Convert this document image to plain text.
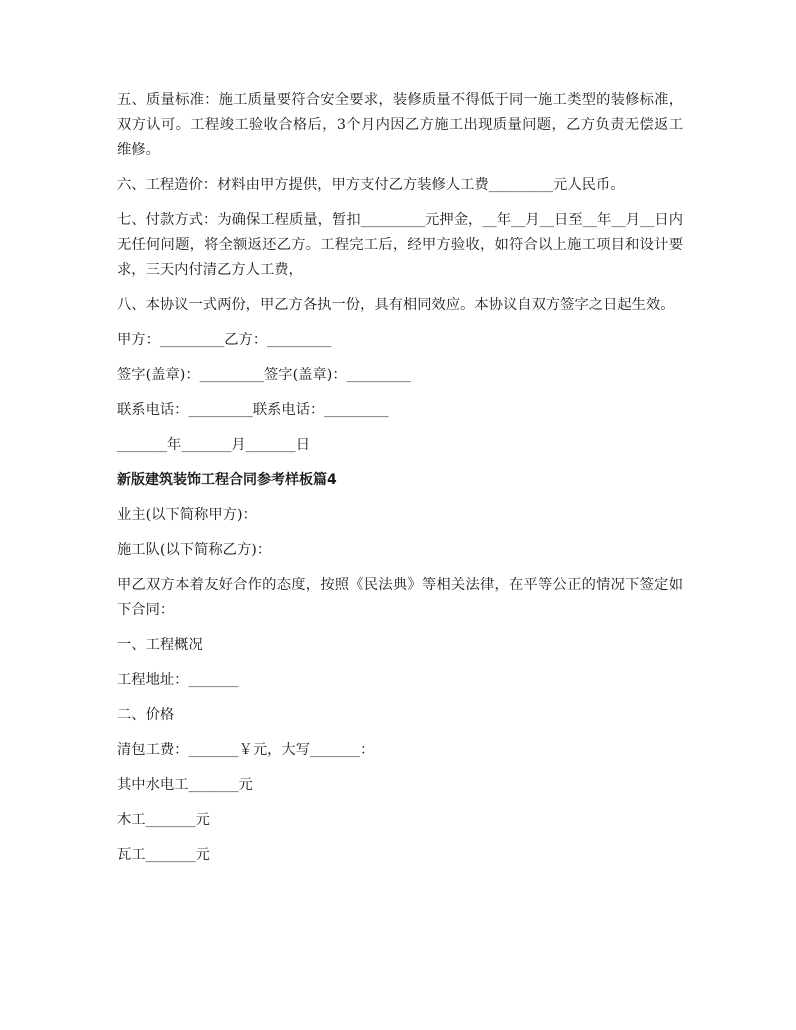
五、质量标准：施工质量要符合安全要求，装修质量不得低于同一施工类型的装修标准，双方认可。工程竣工验收合格后，3个月内因乙方施工出现质量问题，乙方负责无偿返工维修。

六、工程造价：材料由甲方提供，甲方支付乙方装修人工费_________元人民币。

七、付款方式：为确保工程质量，暂扣_________元押金，__年__月__日至__年__月__日内无任何问题，将全额返还乙方。工程完工后，经甲方验收，如符合以上施工项目和设计要求，三天内付清乙方人工费，

八、本协议一式两份，甲乙方各执一份，具有相同效应。本协议自双方签字之日起生效。

甲方：_________乙方：_________

签字(盖章)：_________签字(盖章)：_________

联系电话：_________联系电话：_________

_______年_______月_______日

新版建筑装饰工程合同参考样板篇4

业主(以下简称甲方)：

施工队(以下简称乙方)：

甲乙双方本着友好合作的态度，按照《民法典》等相关法律，在平等公正的情况下签定如下合同：

一、工程概况

工程地址：_______

二、价格

清包工费：_______￥元，大写_______：

其中水电工_______元

木工_______元

瓦工_______元
